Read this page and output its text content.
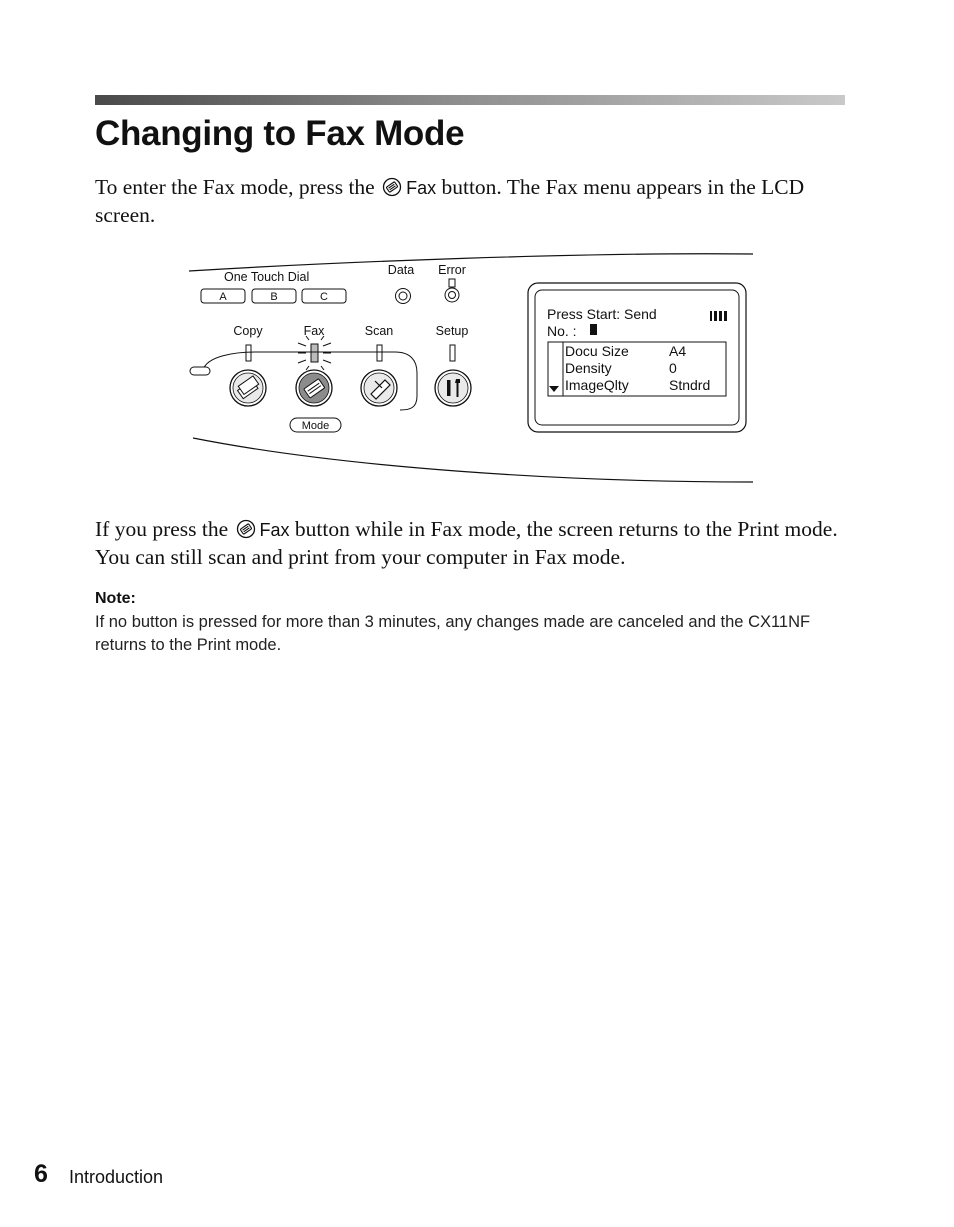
Changing to Fax Mode

To enter the Fax mode, press the Fax button. The Fax menu appears in the LCD screen.

One Touch Dial
A	B	C
Data Error
Copy	Fax	Scan	Setup
Mode
Press Start: Send
No. :
Docu Size	A4
Density	0
ImageQlty	Stndrd

If you press the Fax button while in Fax mode, the screen returns to the Print mode. You can still scan and print from your computer in Fax mode.

Note:

If no button is pressed for more than 3 minutes, any changes made are canceled and the CX11NF returns to the Print mode.

6 Introduction
